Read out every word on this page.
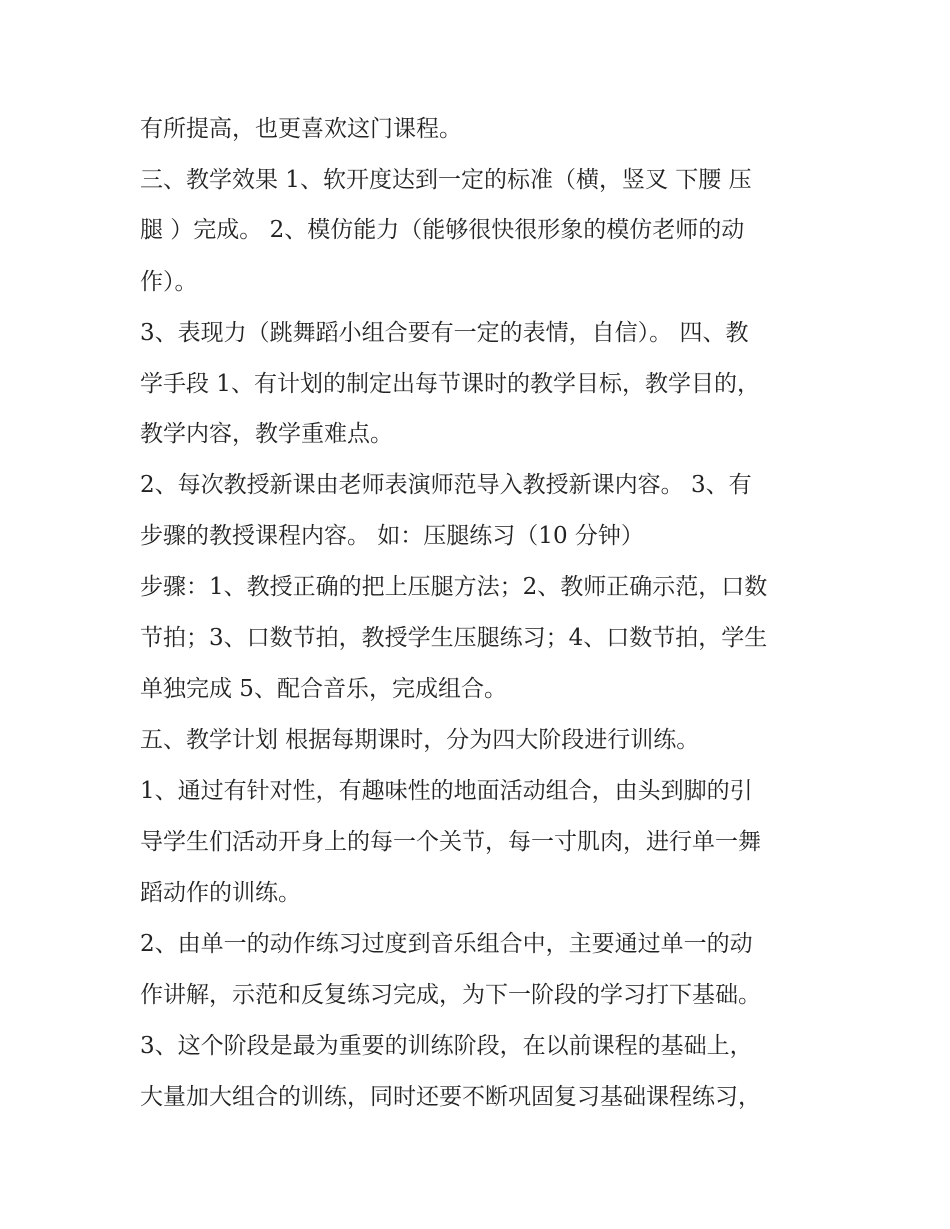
有所提高，也更喜欢这门课程。
三、教学效果 1、软开度达到一定的标准（横，竖叉 下腰 压
腿 ）完成。 2、模仿能力（能够很快很形象的模仿老师的动
作）。
3、表现力（跳舞蹈小组合要有一定的表情，自信）。 四、教
学手段 1、有计划的制定出每节课时的教学目标，教学目的，
教学内容，教学重难点。
2、每次教授新课由老师表演师范导入教授新课内容。 3、有
步骤的教授课程内容。 如：压腿练习（10 分钟）
步骤：1、教授正确的把上压腿方法；2、教师正确示范，口数
节拍；3、口数节拍，教授学生压腿练习；4、口数节拍，学生
单独完成 5、配合音乐，完成组合。
五、教学计划 根据每期课时，分为四大阶段进行训练。
1、通过有针对性，有趣味性的地面活动组合，由头到脚的引
导学生们活动开身上的每一个关节，每一寸肌肉，进行单一舞
蹈动作的训练。
2、由单一的动作练习过度到音乐组合中，主要通过单一的动
作讲解，示范和反复练习完成，为下一阶段的学习打下基础。
3、这个阶段是最为重要的训练阶段，在以前课程的基础上，
大量加大组合的训练，同时还要不断巩固复习基础课程练习，
